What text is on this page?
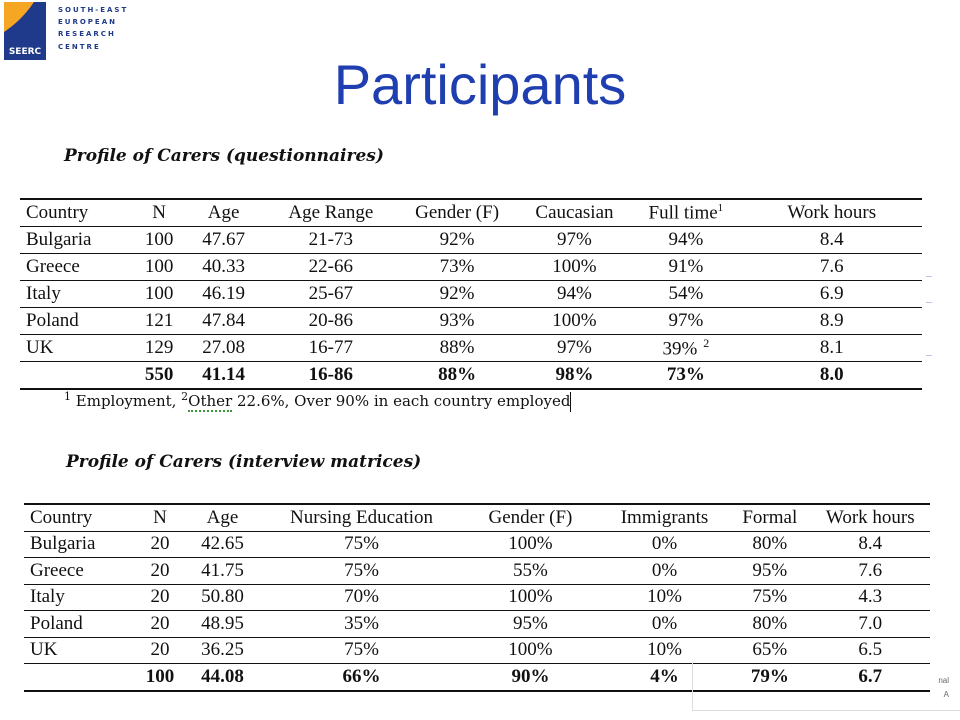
SEERC
SOUTH-EAST
EUROPEAN
RESEARCH
CENTRE
Participants
Profile of Carers (questionnaires)
Country	N	Age	Age Range	Gender (F)	Caucasian	Full time$^1$	Work hours
Bulgaria	100	47.67	21-73	92%	97%	94%	8.4
Greece	100	40.33	22-66	73%	100%	91%	7.6
Italy	100	46.19	25-67	92%	94%	54%	6.9
Poland	121	47.84	20-86	93%	100%	97%	8.9
UK	129	27.08	16-77	88%	97%	39% $^2$	8.1
	550	41.14	16-86	88%	98%	73%	8.0
$^1$ Employment, $^2$Other 22.6%, Over 90% in each country employed
Profile of Carers (interview matrices)
Country	N	Age	Nursing Education	Gender (F)	Immigrants	Formal	Work hours
Bulgaria	20	42.65	75%	100%	0%	80%	8.4
Greece	20	41.75	75%	55%	0%	95%	7.6
Italy	20	50.80	70%	100%	10%	75%	4.3
Poland	20	48.95	35%	95%	0%	80%	7.0
UK	20	36.25	75%	100%	10%	65%	6.5
	100	44.08	66%	90%	4%	79%	6.7	nal
A
